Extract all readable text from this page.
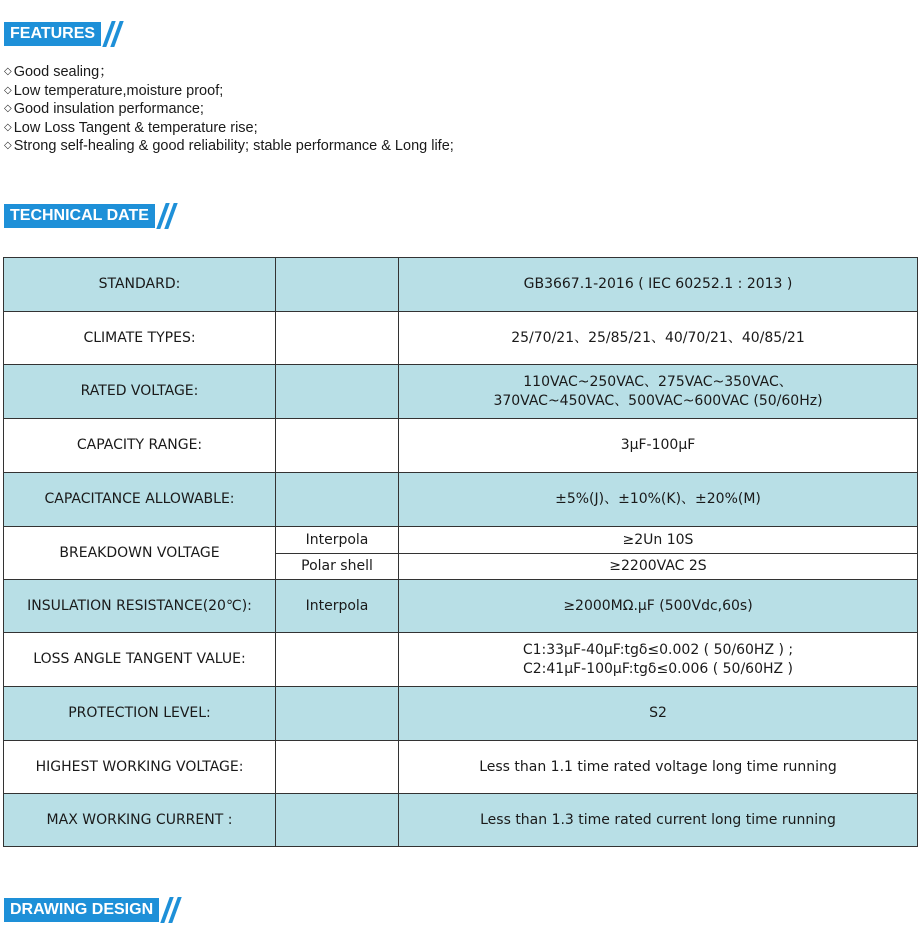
FEATURES
◇ Good sealing；
◇ Low temperature,moisture proof;
◇ Good insulation performance;
◇ Low Loss Tangent & temperature rise;
◇ Strong self-healing & good reliability; stable performance & Long life;
TECHNICAL DATE
STANDARD:		GB3667.1-2016 ( IEC 60252.1 : 2013 )
CLIMATE TYPES:		25/70/21、25/85/21、40/70/21、40/85/21
RATED VOLTAGE:		110VAC~250VAC、275VAC~350VAC、
370VAC~450VAC、500VAC~600VAC (50/60Hz)

CAPACITY RANGE:		3μF-100μF
CAPACITANCE ALLOWABLE:		±5%(J)、±10%(K)、±20%(M)
BREAKDOWN VOLTAGE	Interpola	≥2Un 10S
	Polar shell	≥2200VAC 2S
INSULATION RESISTANCE(20℃):	Interpola	≥2000MΩ.μF (500Vdc,60s)
LOSS ANGLE TANGENT VALUE:		C1:33μF-40μF:tgδ≤0.002 ( 50/60HZ ) ;
C2:41μF-100μF:tgδ≤0.006 ( 50/60HZ )

PROTECTION LEVEL:		S2
HIGHEST WORKING VOLTAGE:		Less than 1.1 time rated voltage long time running
MAX WORKING CURRENT :		Less than 1.3 time rated current long time running
DRAWING DESIGN
